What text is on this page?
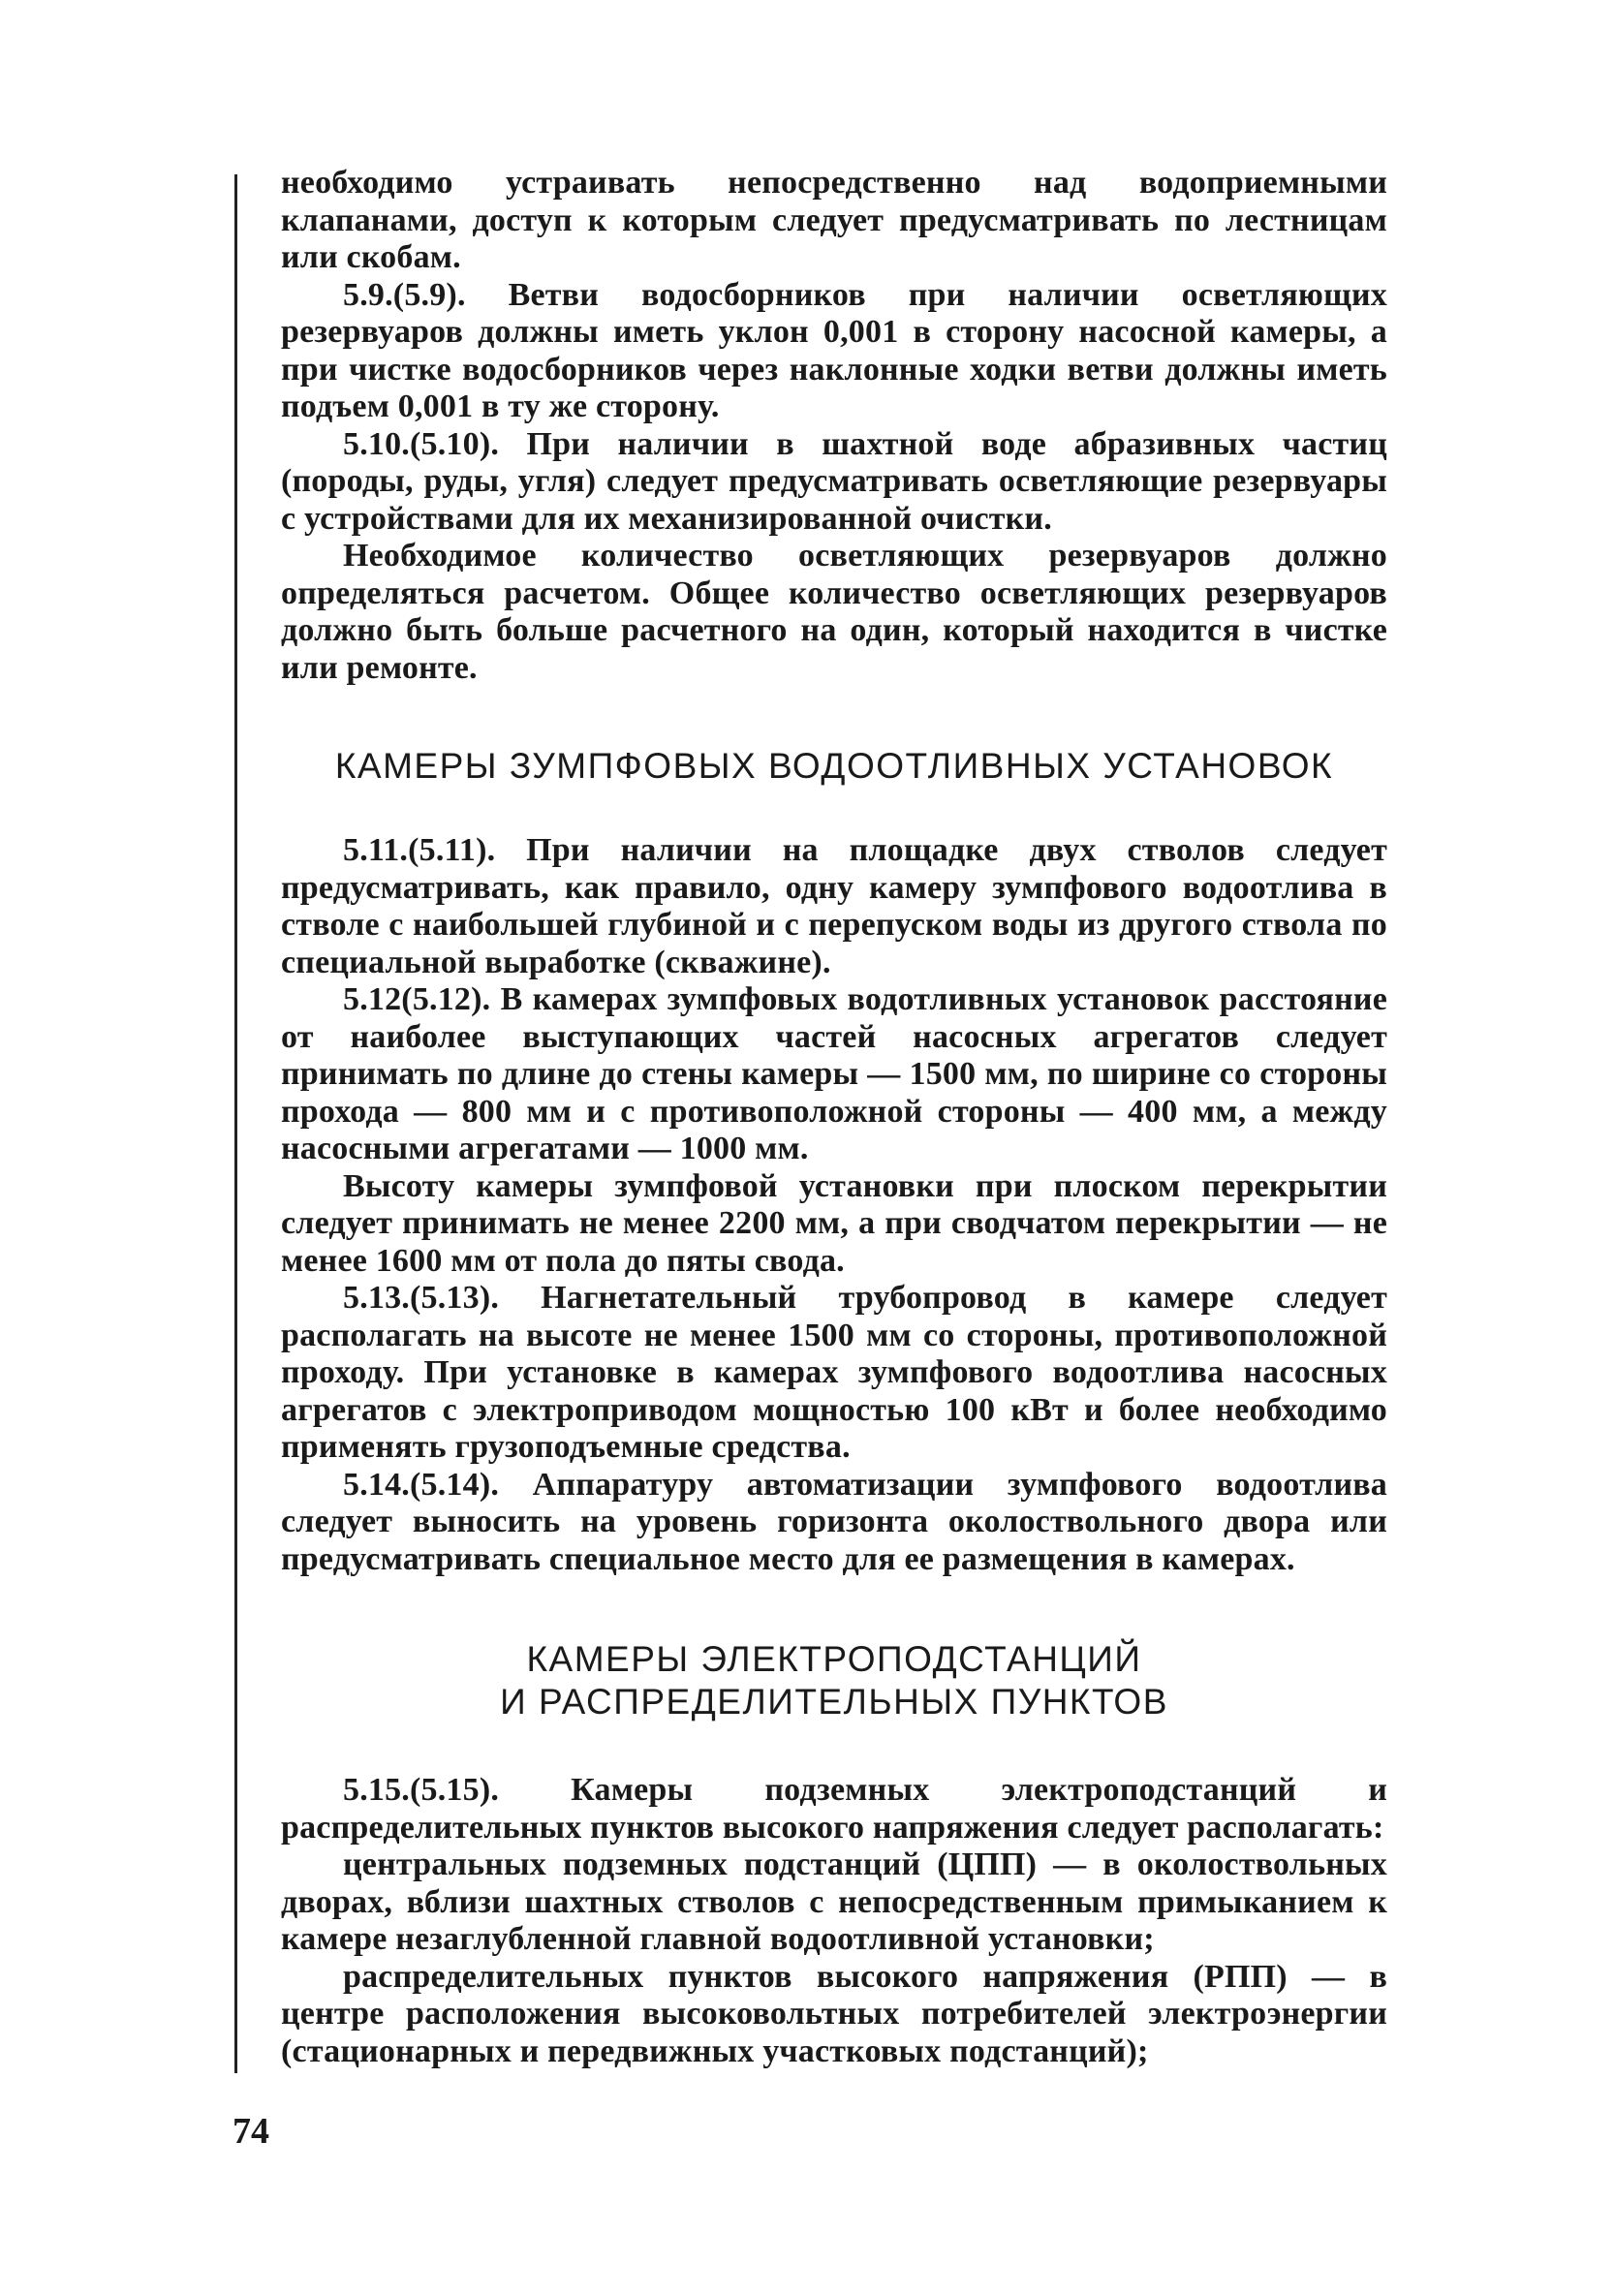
необходимо устраивать непосредственно над водоприемными клапанами, доступ к которым следует предусматривать по лестницам или скобам.

5.9.(5.9). Ветви водосборников при наличии осветляющих резервуаров должны иметь уклон 0,001 в сторону насосной камеры, а при чистке водосборников через наклонные ходки ветви должны иметь подъем 0,001 в ту же сторону.

5.10.(5.10). При наличии в шахтной воде абразивных частиц (породы, руды, угля) следует предусматривать осветляющие резервуары с устройствами для их механизированной очистки.

Необходимое количество осветляющих резервуаров должно определяться расчетом. Общее количество осветляющих резервуаров должно быть больше расчетного на один, который находится в чистке или ремонте.

КАМЕРЫ ЗУМПФОВЫХ ВОДООТЛИВНЫХ УСТАНОВОК

5.11.(5.11). При наличии на площадке двух стволов следует предусматривать, как правило, одну камеру зумпфового водоотлива в стволе с наибольшей глубиной и с перепуском воды из другого ствола по специальной выработке (скважине).

5.12(5.12). В камерах зумпфовых водотливных установок расстояние от наиболее выступающих частей насосных агрегатов следует принимать по длине до стены камеры — 1500 мм, по ширине со стороны прохода — 800 мм и с противоположной стороны — 400 мм, а между насосными агрегатами — 1000 мм.

Высоту камеры зумпфовой установки при плоском перекрытии следует принимать не менее 2200 мм, а при сводчатом перекрытии — не менее 1600 мм от пола до пяты свода.

5.13.(5.13). Нагнетательный трубопровод в камере следует располагать на высоте не менее 1500 мм со стороны, противоположной проходу. При установке в камерах зумпфового водоотлива насосных агрегатов с электроприводом мощностью 100 кВт и более необходимо применять грузоподъемные средства.

5.14.(5.14). Аппаратуру автоматизации зумпфового водоотлива следует выносить на уровень горизонта околоствольного двора или предусматривать специальное место для ее размещения в камерах.

КАМЕРЫ ЭЛЕКТРОПОДСТАНЦИЙ
И РАСПРЕДЕЛИТЕЛЬНЫХ ПУНКТОВ

5.15.(5.15). Камеры подземных электроподстанций и распределительных пунктов высокого напряжения следует располагать:

центральных подземных подстанций (ЦПП) — в околоствольных дворах, вблизи шахтных стволов с непосредственным примыканием к камере незаглубленной главной водоотливной установки;

распределительных пунктов высокого напряжения (РПП) — в центре расположения высоковольтных потребителей электроэнергии (стационарных и передвижных участковых подстанций);

74
